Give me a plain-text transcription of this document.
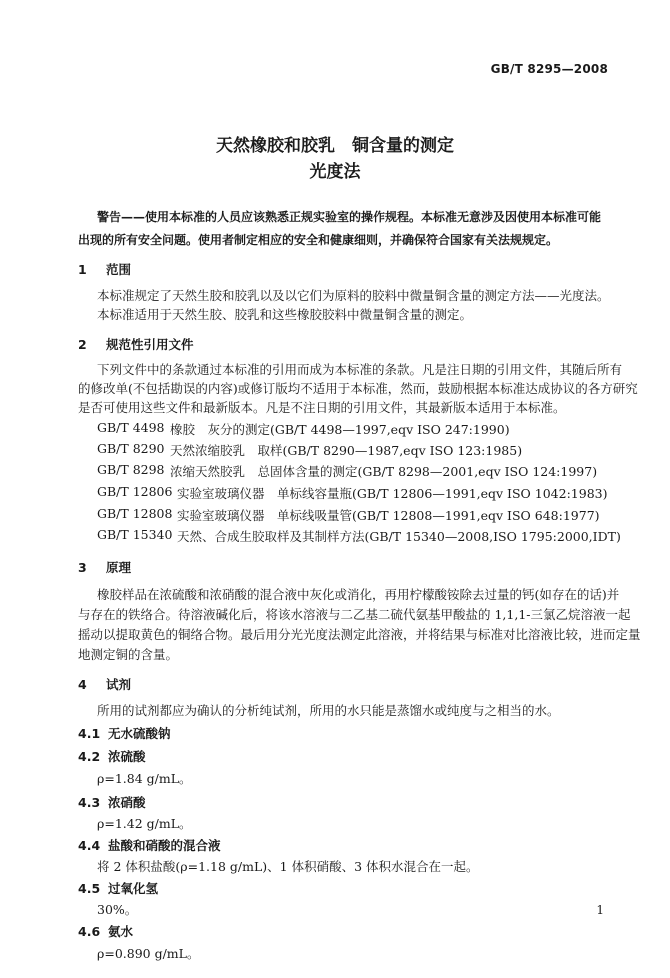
GB/T 8295—2008
天然橡胶和胶乳　铜含量的测定
光度法
警告——使用本标准的人员应该熟悉正规实验室的操作规程。本标准无意涉及因使用本标准可能
出现的所有安全问题。使用者制定相应的安全和健康细则，并确保符合国家有关法规规定。
1 范围
本标准规定了天然生胶和胶乳以及以它们为原料的胶料中微量铜含量的测定方法——光度法。
本标准适用于天然生胶、胶乳和这些橡胶胶料中微量铜含量的测定。
2 规范性引用文件
下列文件中的条款通过本标准的引用而成为本标准的条款。凡是注日期的引用文件，其随后所有
的修改单(不包括勘误的内容)或修订版均不适用于本标准，然而，鼓励根据本标准达成协议的各方研究
是否可使用这些文件和最新版本。凡是不注日期的引用文件，其最新版本适用于本标准。
GB/T 4498 橡胶　灰分的测定(GB/T 4498—1997,eqv ISO 247:1990)
GB/T 8290 天然浓缩胶乳　取样(GB/T 8290—1987,eqv ISO 123:1985)
GB/T 8298 浓缩天然胶乳　总固体含量的测定(GB/T 8298—2001,eqv ISO 124:1997)
GB/T 12806 实验室玻璃仪器　单标线容量瓶(GB/T 12806—1991,eqv ISO 1042:1983)
GB/T 12808 实验室玻璃仪器　单标线吸量管(GB/T 12808—1991,eqv ISO 648:1977)
GB/T 15340 天然、合成生胶取样及其制样方法(GB/T 15340—2008,ISO 1795:2000,IDT)
3 原理
橡胶样品在浓硫酸和浓硝酸的混合液中灰化或消化，再用柠檬酸铵除去过量的钙(如存在的话)并
与存在的铁络合。待溶液碱化后，将该水溶液与二乙基二硫代氨基甲酸盐的 1,1,1-三氯乙烷溶液一起
摇动以提取黄色的铜络合物。最后用分光光度法测定此溶液，并将结果与标准对比溶液比较，进而定量
地测定铜的含量。
4 试剂
所用的试剂都应为确认的分析纯试剂，所用的水只能是蒸馏水或纯度与之相当的水。
4.1 无水硫酸钠
4.2 浓硫酸
ρ=1.84 g/mL。
4.3 浓硝酸
ρ=1.42 g/mL。
4.4 盐酸和硝酸的混合液
将 2 体积盐酸(ρ=1.18 g/mL)、1 体积硝酸、3 体积水混合在一起。
4.5 过氧化氢
30%。
4.6 氨水
ρ=0.890 g/mL。
1
